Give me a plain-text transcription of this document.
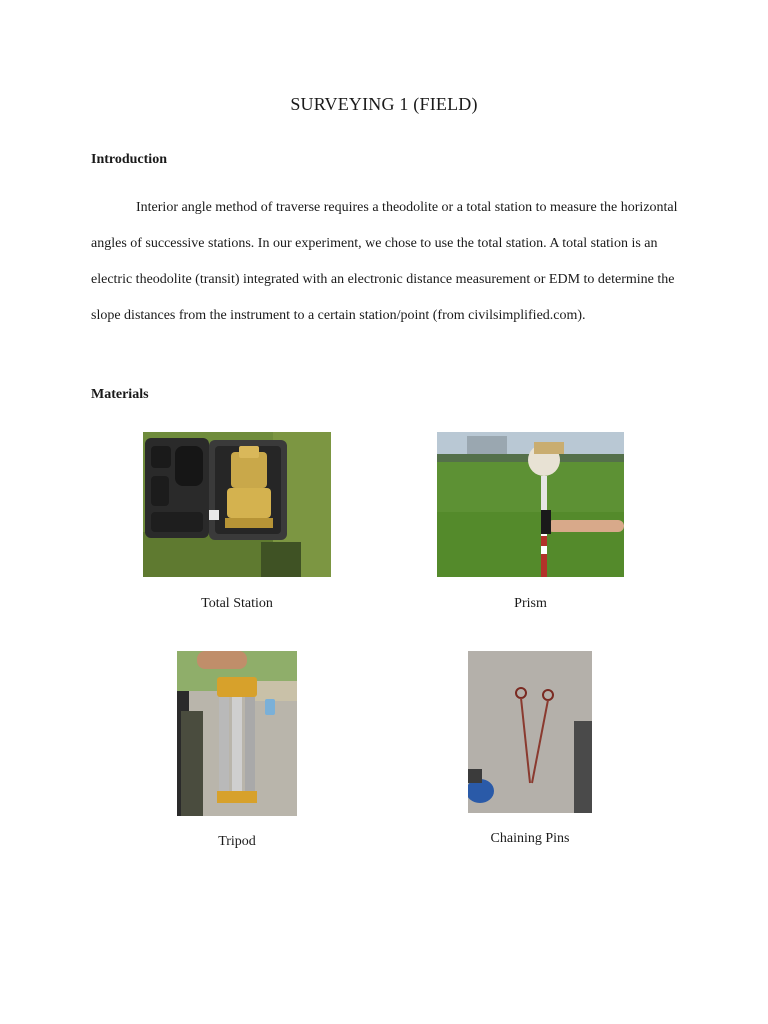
SURVEYING 1 (FIELD)
Introduction
Interior angle method of traverse requires a theodolite or a total station to measure the horizontal angles of successive stations. In our experiment, we chose to use the total station. A total station is an electric theodolite (transit) integrated with an electronic distance measurement or EDM to determine the slope distances from the instrument to a certain station/point (from civilsimplified.com).
Materials
Total Station	Prism
Tripod	Chaining Pins
